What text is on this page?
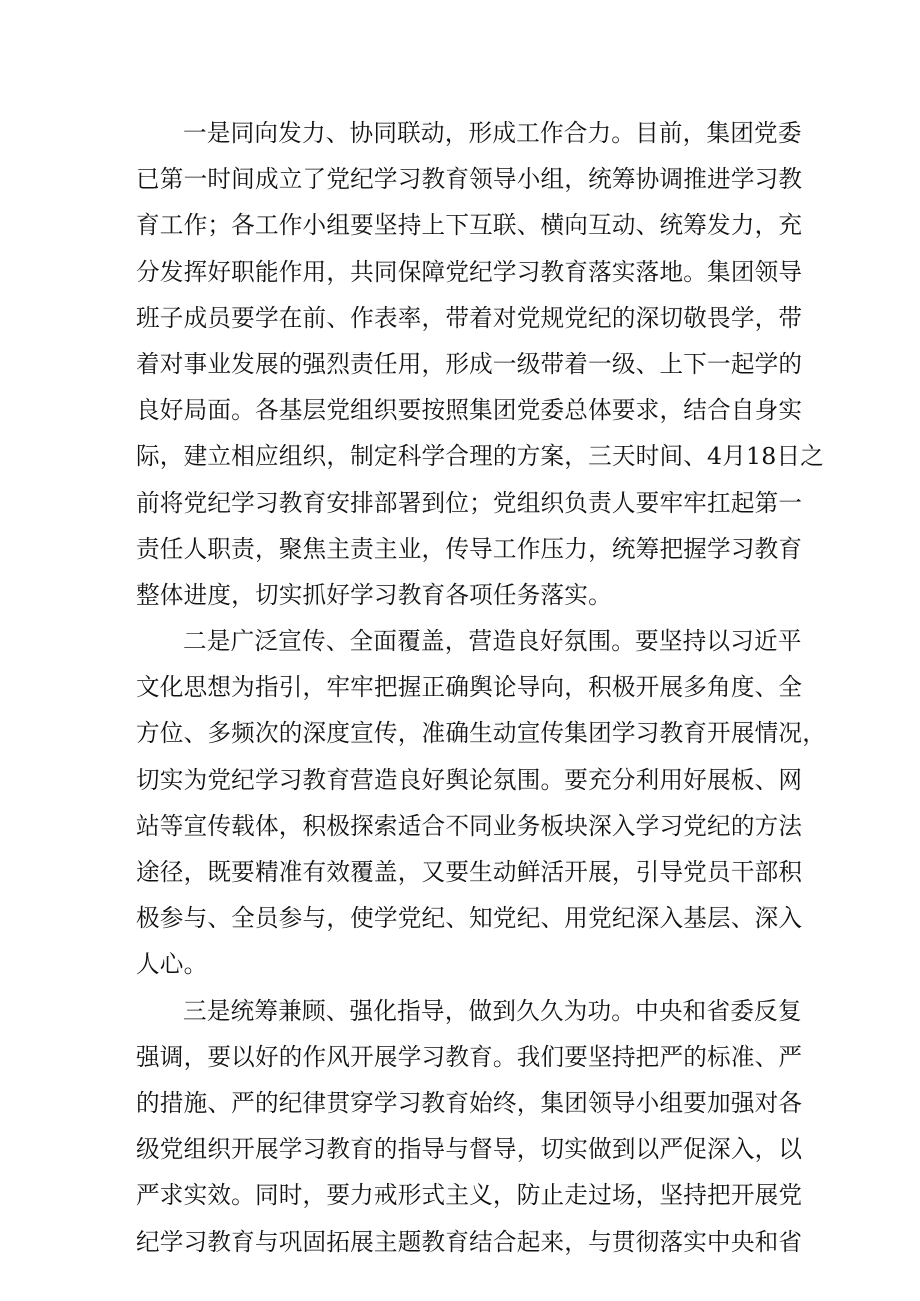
一是同向发力、协同联动，形成工作合力。目前，集团党委
已第一时间成立了党纪学习教育领导小组，统筹协调推进学习教
育工作；各工作小组要坚持上下互联、横向互动、统筹发力，充
分发挥好职能作用，共同保障党纪学习教育落实落地。集团领导
班子成员要学在前、作表率，带着对党规党纪的深切敬畏学，带
着对事业发展的强烈责任用，形成一级带着一级、上下一起学的
良好局面。各基层党组织要按照集团党委总体要求，结合自身实
际，建立相应组织，制定科学合理的方案，三天时间、4月18日之
前将党纪学习教育安排部署到位；党组织负责人要牢牢扛起第一
责任人职责，聚焦主责主业，传导工作压力，统筹把握学习教育
整体进度，切实抓好学习教育各项任务落实。
二是广泛宣传、全面覆盖，营造良好氛围。要坚持以习近平
文化思想为指引，牢牢把握正确舆论导向，积极开展多角度、全
方位、多频次的深度宣传，准确生动宣传集团学习教育开展情况，
切实为党纪学习教育营造良好舆论氛围。要充分利用好展板、网
站等宣传载体，积极探索适合不同业务板块深入学习党纪的方法
途径，既要精准有效覆盖，又要生动鲜活开展，引导党员干部积
极参与、全员参与，使学党纪、知党纪、用党纪深入基层、深入
人心。
三是统筹兼顾、强化指导，做到久久为功。中央和省委反复
强调，要以好的作风开展学习教育。我们要坚持把严的标准、严
的措施、严的纪律贯穿学习教育始终，集团领导小组要加强对各
级党组织开展学习教育的指导与督导，切实做到以严促深入，以
严求实效。同时，要力戒形式主义，防止走过场，坚持把开展党
纪学习教育与巩固拓展主题教育结合起来，与贯彻落实中央和省
